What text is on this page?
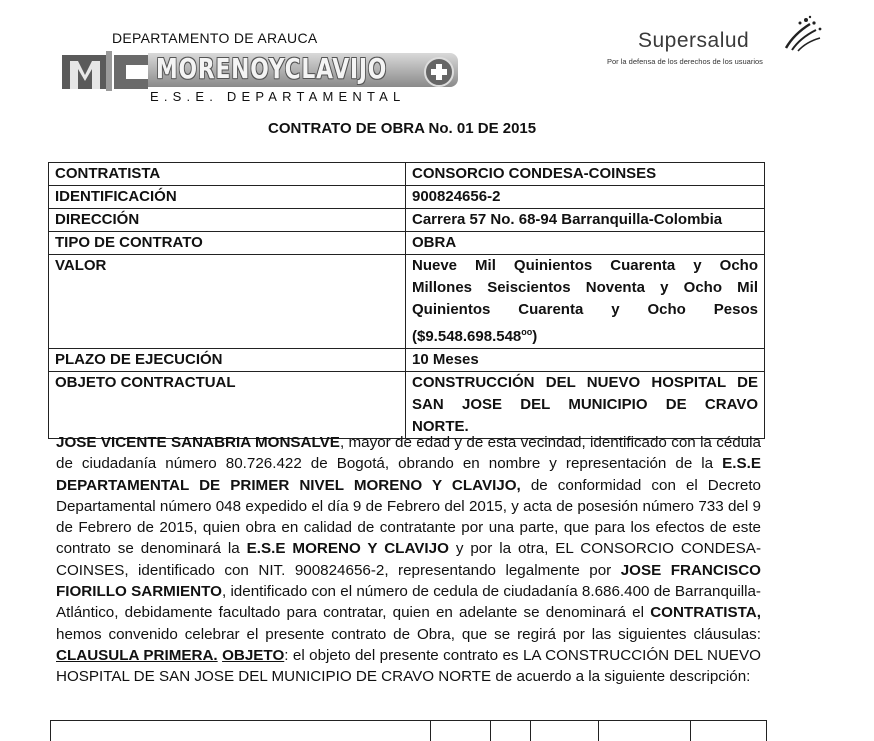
DEPARTAMENTO DE ARAUCA
MORENOYCLAVIJO
E.S.E. DEPARTAMENTAL
Supersalud
Por la defensa de los derechos de los usuarios
CONTRATO DE OBRA No. 01 DE 2015
CONTRATISTA	CONSORCIO CONDESA-COINSES
IDENTIFICACIÓN	900824656-2
DIRECCIÓN	Carrera 57 No. 68-94 Barranquilla-Colombia
TIPO DE CONTRATO	OBRA
VALOR	Nueve Mil Quinientos Cuarenta y Ocho
Millones Seiscientos Noventa y Ocho Mil
Quinientos Cuarenta y Ocho Pesos
$(\$9.548.698.548^{oo})$

PLAZO DE EJECUCIÓN	10 Meses
OBJETO CONTRACTUAL	CONSTRUCCIÓN DEL NUEVO HOSPITAL DE
SAN JOSE DEL MUNICIPIO DE CRAVO
NORTE.
JOSE VICENTE SANABRIA MONSALVE, mayor de edad y de esta vecindad, identificado con la cédula de ciudadanía número 80.726.422 de Bogotá, obrando en nombre y representación de la E.S.E DEPARTAMENTAL DE PRIMER NIVEL MORENO Y CLAVIJO, de conformidad con el Decreto Departamental número 048 expedido el día 9 de Febrero del 2015, y acta de posesión número 733 del 9 de Febrero de 2015, quien obra en calidad de contratante por una parte, que para los efectos de este contrato se denominará la E.S.E MORENO Y CLAVIJO y por la otra, EL CONSORCIO CONDESA-COINSES, identificado con NIT. 900824656-2, representando legalmente por JOSE FRANCISCO FIORILLO SARMIENTO, identificado con el número de cedula de ciudadanía 8.686.400 de Barranquilla-Atlántico, debidamente facultado para contratar, quien en adelante se denominará el CONTRATISTA, hemos convenido celebrar el presente contrato de Obra, que se regirá por las siguientes cláusulas: CLAUSULA PRIMERA. OBJETO: el objeto del presente contrato es LA CONSTRUCCIÓN DEL NUEVO HOSPITAL DE SAN JOSE DEL MUNICIPIO DE CRAVO NORTE de acuerdo a la siguiente descripción:
